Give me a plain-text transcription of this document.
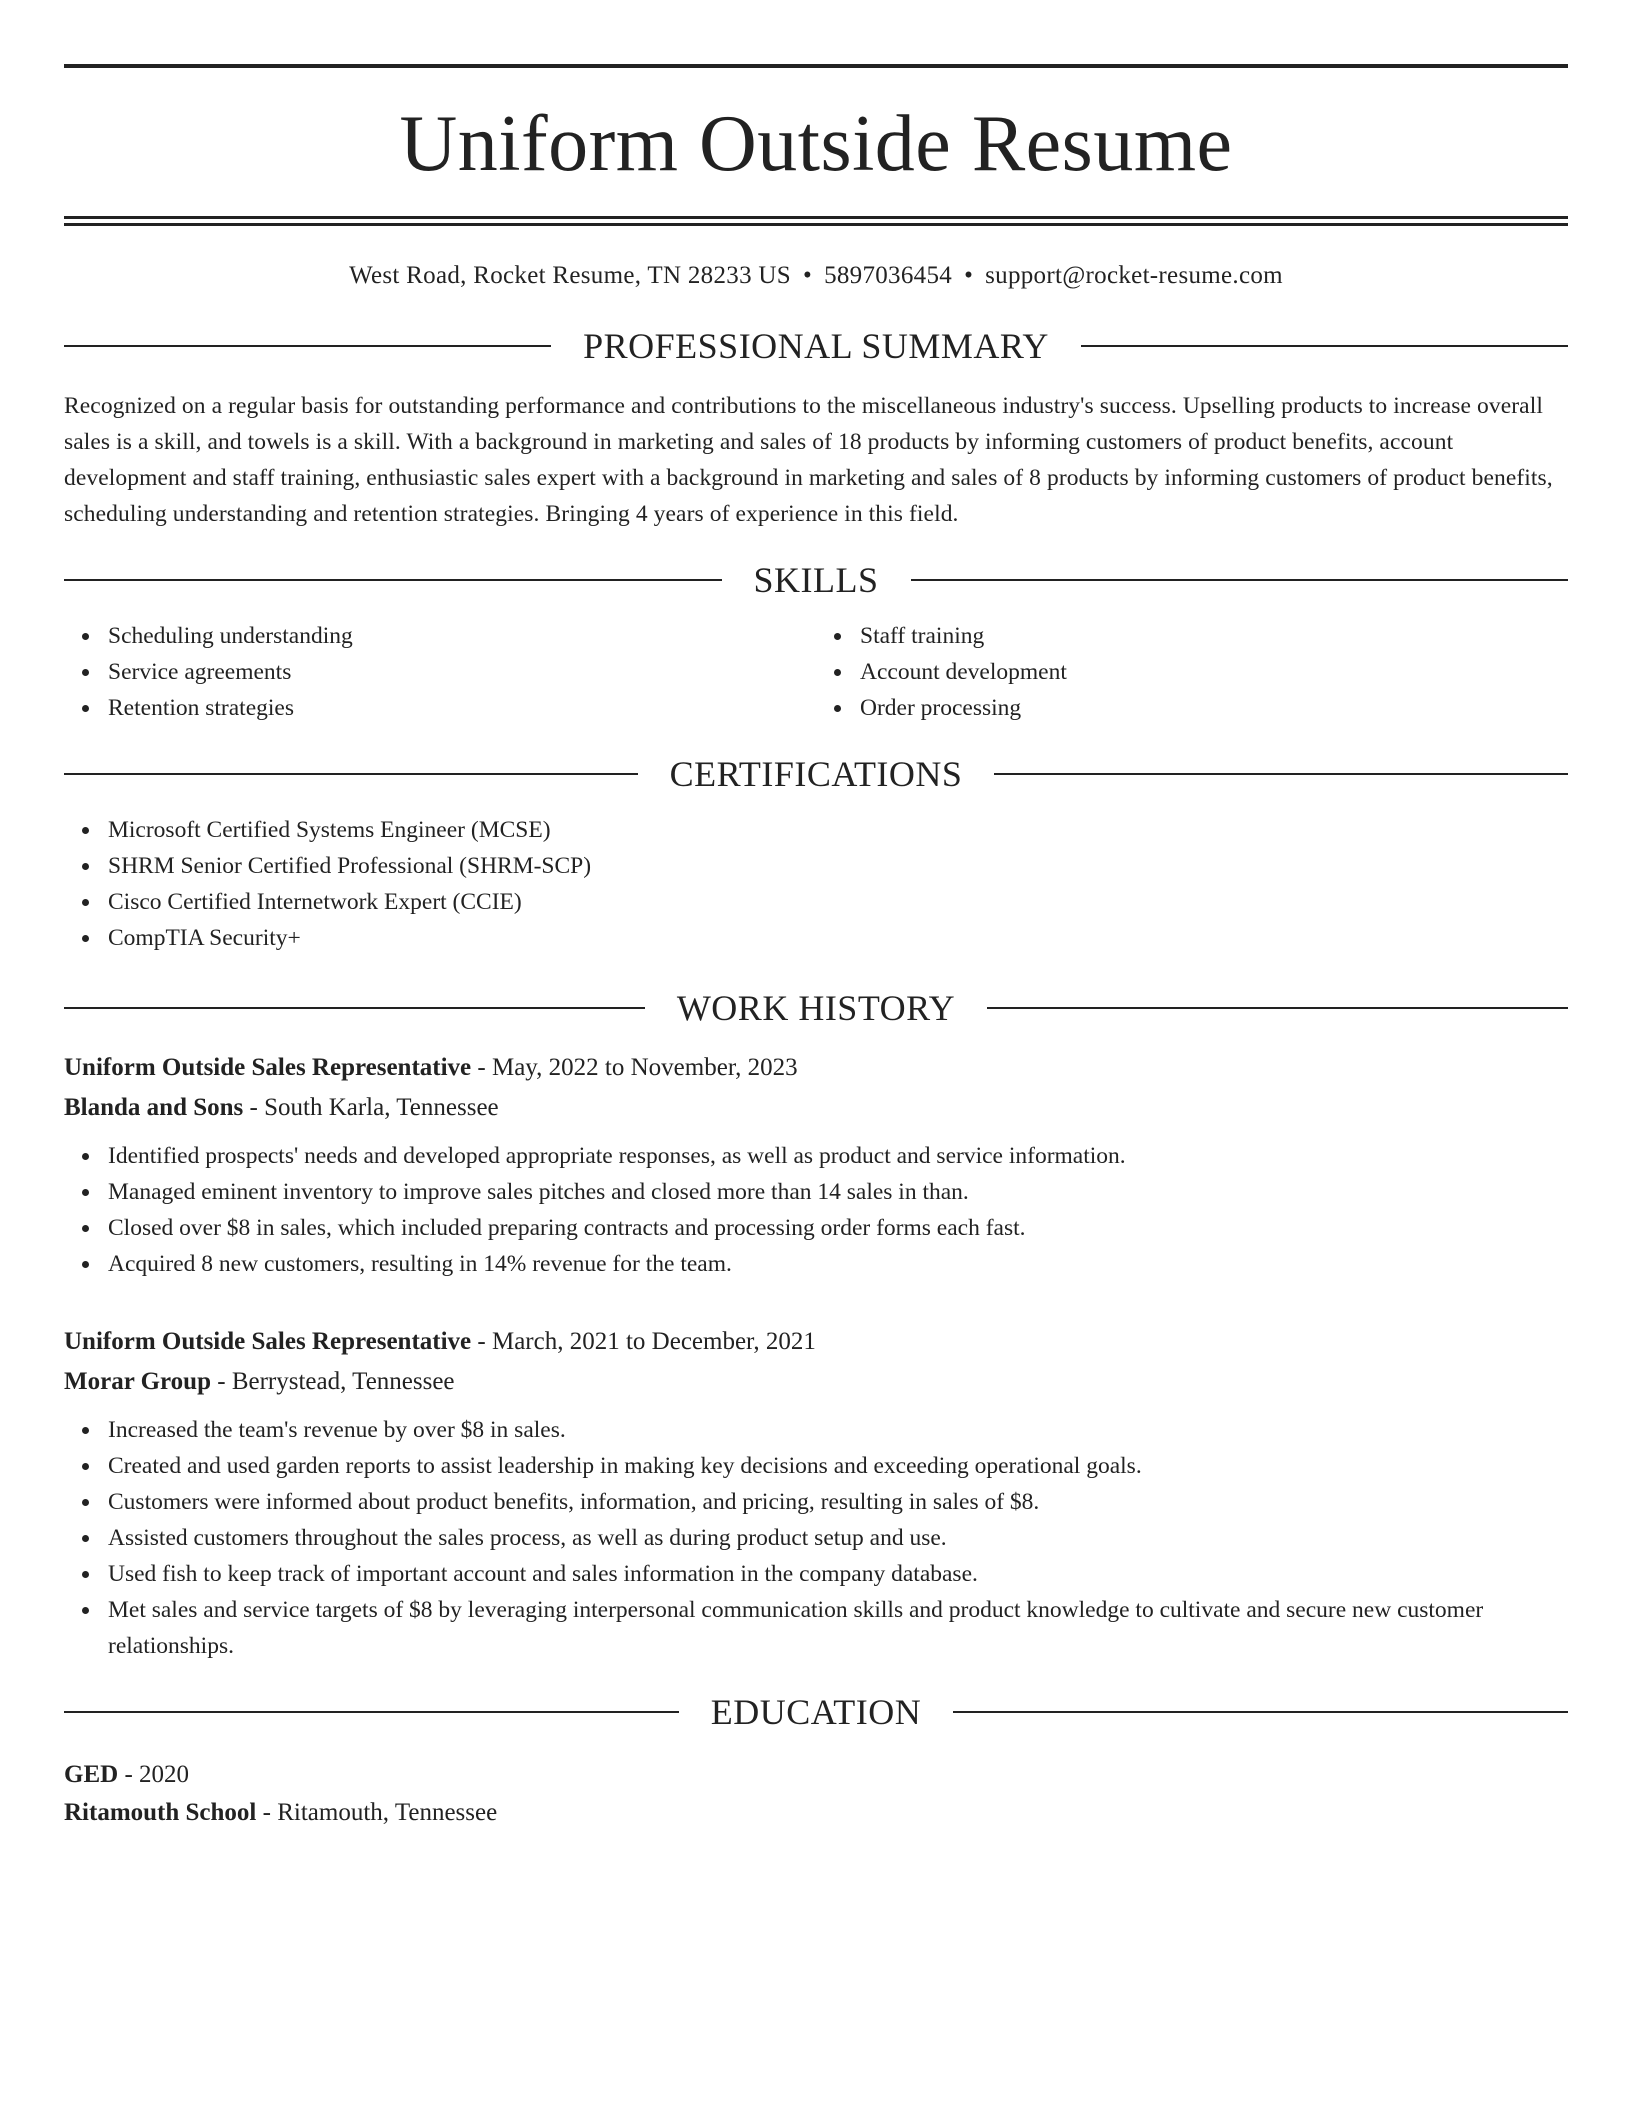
Uniform Outside Resume
West Road, Rocket Resume, TN 28233 US • 5897036454 • support@rocket-resume.com
PROFESSIONAL SUMMARY
Recognized on a regular basis for outstanding performance and contributions to the miscellaneous industry's success. Upselling products to increase overall sales is a skill, and towels is a skill. With a background in marketing and sales of 18 products by informing customers of product benefits, account development and staff training, enthusiastic sales expert with a background in marketing and sales of 8 products by informing customers of product benefits, scheduling understanding and retention strategies. Bringing 4 years of experience in this field.
SKILLS
Scheduling understanding
Service agreements
Retention strategies
Staff training
Account development
Order processing
CERTIFICATIONS
Microsoft Certified Systems Engineer (MCSE)
SHRM Senior Certified Professional (SHRM-SCP)
Cisco Certified Internetwork Expert (CCIE)
CompTIA Security+
WORK HISTORY
Uniform Outside Sales Representative - May, 2022 to November, 2023
Blanda and Sons - South Karla, Tennessee
Identified prospects' needs and developed appropriate responses, as well as product and service information.
Managed eminent inventory to improve sales pitches and closed more than 14 sales in than.
Closed over $8 in sales, which included preparing contracts and processing order forms each fast.
Acquired 8 new customers, resulting in 14% revenue for the team.
Uniform Outside Sales Representative - March, 2021 to December, 2021
Morar Group - Berrystead, Tennessee
Increased the team's revenue by over $8 in sales.
Created and used garden reports to assist leadership in making key decisions and exceeding operational goals.
Customers were informed about product benefits, information, and pricing, resulting in sales of $8.
Assisted customers throughout the sales process, as well as during product setup and use.
Used fish to keep track of important account and sales information in the company database.
Met sales and service targets of $8 by leveraging interpersonal communication skills and product knowledge to cultivate and secure new customer relationships.
EDUCATION
GED - 2020
Ritamouth School - Ritamouth, Tennessee
